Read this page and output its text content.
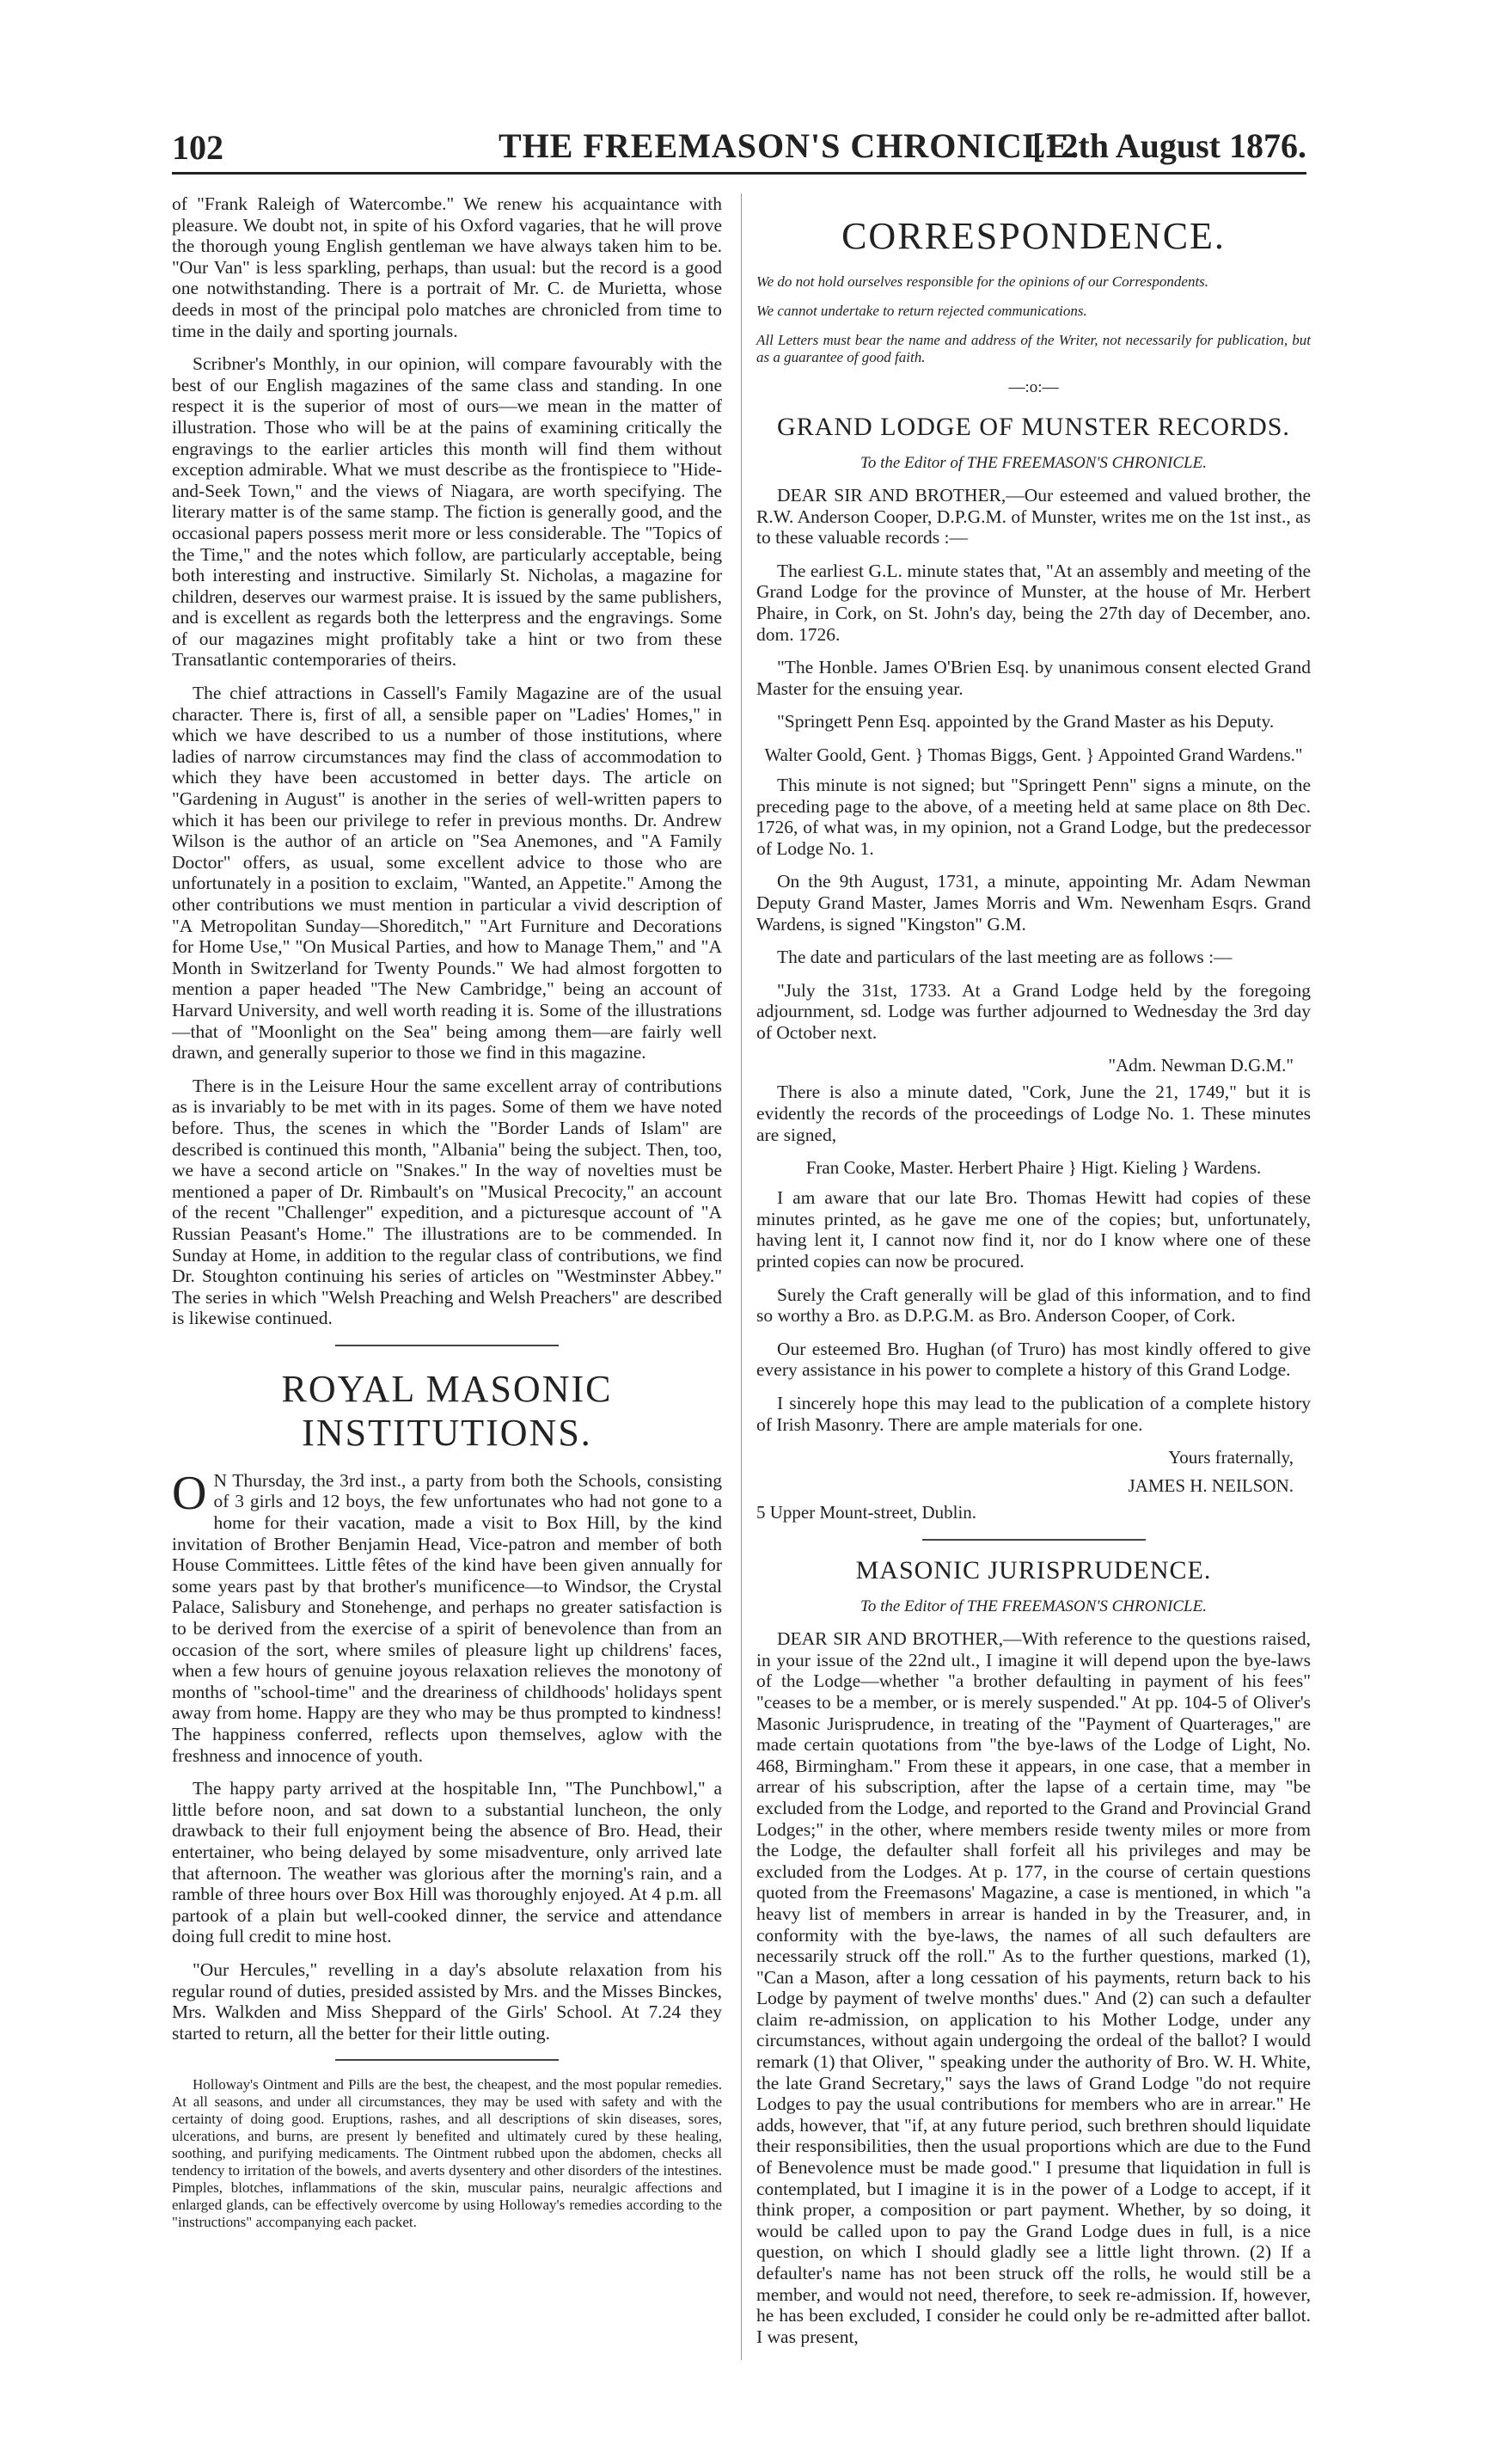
102	THE FREEMASON'S CHRONICLE.
[12th August 1876.

of "Frank Raleigh of Watercombe." We renew his acquaintance with pleasure. We doubt not, in spite of his Oxford vagaries, that he will prove the thorough young English gentleman we have always taken him to be. "Our Van" is less sparkling, perhaps, than usual: but the record is a good one notwithstanding. There is a portrait of Mr. C. de Murietta, whose deeds in most of the principal polo matches are chronicled from time to time in the daily and sporting journals.

Scribner's Monthly, in our opinion, will compare favourably with the best of our English magazines of the same class and standing. In one respect it is the superior of most of ours—we mean in the matter of illustration. Those who will be at the pains of examining critically the engravings to the earlier articles this month will find them without exception admirable. What we must describe as the frontispiece to "Hide-and-Seek Town," and the views of Niagara, are worth specifying. The literary matter is of the same stamp. The fiction is generally good, and the occasional papers possess merit more or less considerable. The "Topics of the Time," and the notes which follow, are particularly acceptable, being both interesting and instructive. Similarly St. Nicholas, a magazine for children, deserves our warmest praise. It is issued by the same publishers, and is excellent as regards both the letterpress and the engravings. Some of our magazines might profitably take a hint or two from these Transatlantic contemporaries of theirs.

The chief attractions in Cassell's Family Magazine are of the usual character. There is, first of all, a sensible paper on "Ladies' Homes," in which we have described to us a number of those institutions, where ladies of narrow circumstances may find the class of accommodation to which they have been accustomed in better days. The article on "Gardening in August" is another in the series of well-written papers to which it has been our privilege to refer in previous months. Dr. Andrew Wilson is the author of an article on "Sea Anemones, and "A Family Doctor" offers, as usual, some excellent advice to those who are unfortunately in a position to exclaim, "Wanted, an Appetite." Among the other contributions we must mention in particular a vivid description of "A Metropolitan Sunday—Shoreditch," "Art Furniture and Decorations for Home Use," "On Musical Parties, and how to Manage Them," and "A Month in Switzerland for Twenty Pounds." We had almost forgotten to mention a paper headed "The New Cambridge," being an account of Harvard University, and well worth reading it is. Some of the illustrations—that of "Moonlight on the Sea" being among them—are fairly well drawn, and generally superior to those we find in this magazine.

There is in the Leisure Hour the same excellent array of contributions as is invariably to be met with in its pages. Some of them we have noted before. Thus, the scenes in which the "Border Lands of Islam" are described is continued this month, "Albania" being the subject. Then, too, we have a second article on "Snakes." In the way of novelties must be mentioned a paper of Dr. Rimbault's on "Musical Precocity," an account of the recent "Challenger" expedition, and a picturesque account of "A Russian Peasant's Home." The illustrations are to be commended. In Sunday at Home, in addition to the regular class of contributions, we find Dr. Stoughton continuing his series of articles on "Westminster Abbey." The series in which "Welsh Preaching and Welsh Preachers" are described is likewise continued.

ROYAL MASONIC INSTITUTIONS.

O N Thursday, the 3rd inst., a party from both the Schools, consisting of 3 girls and 12 boys, the few unfortunates who had not gone to a home for their vacation, made a visit to Box Hill, by the kind invitation of Brother Benjamin Head, Vice-patron and member of both House Committees. Little fêtes of the kind have been given annually for some years past by that brother's munificence—to Windsor, the Crystal Palace, Salisbury and Stonehenge, and perhaps no greater satisfaction is to be derived from the exercise of a spirit of benevolence than from an occasion of the sort, where smiles of pleasure light up childrens' faces, when a few hours of genuine joyous relaxation relieves the monotony of months of "school-time" and the dreariness of childhoods' holidays spent away from home. Happy are they who may be thus prompted to kindness! The happiness conferred, reflects upon themselves, aglow with the freshness and innocence of youth.

The happy party arrived at the hospitable Inn, "The Punchbowl," a little before noon, and sat down to a substantial luncheon, the only drawback to their full enjoyment being the absence of Bro. Head, their entertainer, who being delayed by some misadventure, only arrived late that afternoon. The weather was glorious after the morning's rain, and a ramble of three hours over Box Hill was thoroughly enjoyed. At 4 p.m. all partook of a plain but well-cooked dinner, the service and attendance doing full credit to mine host.

"Our Hercules," revelling in a day's absolute relaxation from his regular round of duties, presided assisted by Mrs. and the Misses Binckes, Mrs. Walkden and Miss Sheppard of the Girls' School. At 7.24 they started to return, all the better for their little outing.

Holloway's Ointment and Pills are the best, the cheapest, and the most popular remedies. At all seasons, and under all circumstances, they may be used with safety and with the certainty of doing good. Eruptions, rashes, and all descriptions of skin diseases, sores, ulcerations, and burns, are present ly benefited and ultimately cured by these healing, soothing, and purifying medicaments. The Ointment rubbed upon the abdomen, checks all tendency to irritation of the bowels, and averts dysentery and other disorders of the intestines. Pimples, blotches, inflammations of the skin, muscular pains, neuralgic affections and enlarged glands, can be effectively overcome by using Holloway's remedies according to the "instructions" accompanying each packet.

CORRESPONDENCE.

We do not hold ourselves responsible for the opinions of our Correspondents.

We cannot undertake to return rejected communications.

All Letters must bear the name and address of the Writer, not necessarily for publication, but as a guarantee of good faith.

—:o:—
GRAND LODGE OF MUNSTER RECORDS.
To the Editor of THE FREEMASON'S CHRONICLE.

DEAR SIR AND BROTHER,—Our esteemed and valued brother, the R.W. Anderson Cooper, D.P.G.M. of Munster, writes me on the 1st inst., as to these valuable records :—

The earliest G.L. minute states that, "At an assembly and meeting of the Grand Lodge for the province of Munster, at the house of Mr. Herbert Phaire, in Cork, on St. John's day, being the 27th day of December, ano. dom. 1726.

"The Honble. James O'Brien Esq. by unanimous consent elected Grand Master for the ensuing year.

"Springett Penn Esq. appointed by the Grand Master as his Deputy.

Walter Goold, Gent. } Thomas Biggs, Gent. } Appointed Grand Wardens."

This minute is not signed; but "Springett Penn" signs a minute, on the preceding page to the above, of a meeting held at same place on 8th Dec. 1726, of what was, in my opinion, not a Grand Lodge, but the predecessor of Lodge No. 1.

On the 9th August, 1731, a minute, appointing Mr. Adam Newman Deputy Grand Master, James Morris and Wm. Newenham Esqrs. Grand Wardens, is signed "Kingston" G.M.

The date and particulars of the last meeting are as follows :—

"July the 31st, 1733. At a Grand Lodge held by the foregoing adjournment, sd. Lodge was further adjourned to Wednesday the 3rd day of October next.

"Adm. Newman D.G.M."

There is also a minute dated, "Cork, June the 21, 1749," but it is evidently the records of the proceedings of Lodge No. 1. These minutes are signed,

Fran Cooke, Master. Herbert Phaire } Higt. Kieling } Wardens.

I am aware that our late Bro. Thomas Hewitt had copies of these minutes printed, as he gave me one of the copies; but, unfortunately, having lent it, I cannot now find it, nor do I know where one of these printed copies can now be procured.

Surely the Craft generally will be glad of this information, and to find so worthy a Bro. as D.P.G.M. as Bro. Anderson Cooper, of Cork.

Our esteemed Bro. Hughan (of Truro) has most kindly offered to give every assistance in his power to complete a history of this Grand Lodge.

I sincerely hope this may lead to the publication of a complete history of Irish Masonry. There are ample materials for one.

Yours fraternally,
JAMES H. NEILSON.
5 Upper Mount-street, Dublin.
MASONIC JURISPRUDENCE.
To the Editor of THE FREEMASON'S CHRONICLE.

DEAR SIR AND BROTHER,—With reference to the questions raised, in your issue of the 22nd ult., I imagine it will depend upon the bye-laws of the Lodge—whether "a brother defaulting in payment of his fees" "ceases to be a member, or is merely suspended." At pp. 104-5 of Oliver's Masonic Jurisprudence, in treating of the "Payment of Quarterages," are made certain quotations from "the bye-laws of the Lodge of Light, No. 468, Birmingham." From these it appears, in one case, that a member in arrear of his subscription, after the lapse of a certain time, may "be excluded from the Lodge, and reported to the Grand and Provincial Grand Lodges;" in the other, where members reside twenty miles or more from the Lodge, the defaulter shall forfeit all his privileges and may be excluded from the Lodges. At p. 177, in the course of certain questions quoted from the Freemasons' Magazine, a case is mentioned, in which "a heavy list of members in arrear is handed in by the Treasurer, and, in conformity with the bye-laws, the names of all such defaulters are necessarily struck off the roll." As to the further questions, marked (1), "Can a Mason, after a long cessation of his payments, return back to his Lodge by payment of twelve months' dues." And (2) can such a defaulter claim re-admission, on application to his Mother Lodge, under any circumstances, without again undergoing the ordeal of the ballot? I would remark (1) that Oliver, " speaking under the authority of Bro. W. H. White, the late Grand Secretary," says the laws of Grand Lodge "do not require Lodges to pay the usual contributions for members who are in arrear." He adds, however, that "if, at any future period, such brethren should liquidate their responsibilities, then the usual proportions which are due to the Fund of Benevolence must be made good." I presume that liquidation in full is contemplated, but I imagine it is in the power of a Lodge to accept, if it think proper, a composition or part payment. Whether, by so doing, it would be called upon to pay the Grand Lodge dues in full, is a nice question, on which I should gladly see a little light thrown. (2) If a defaulter's name has not been struck off the rolls, he would still be a member, and would not need, therefore, to seek re-admission. If, however, he has been excluded, I consider he could only be re-admitted after ballot. I was present,
